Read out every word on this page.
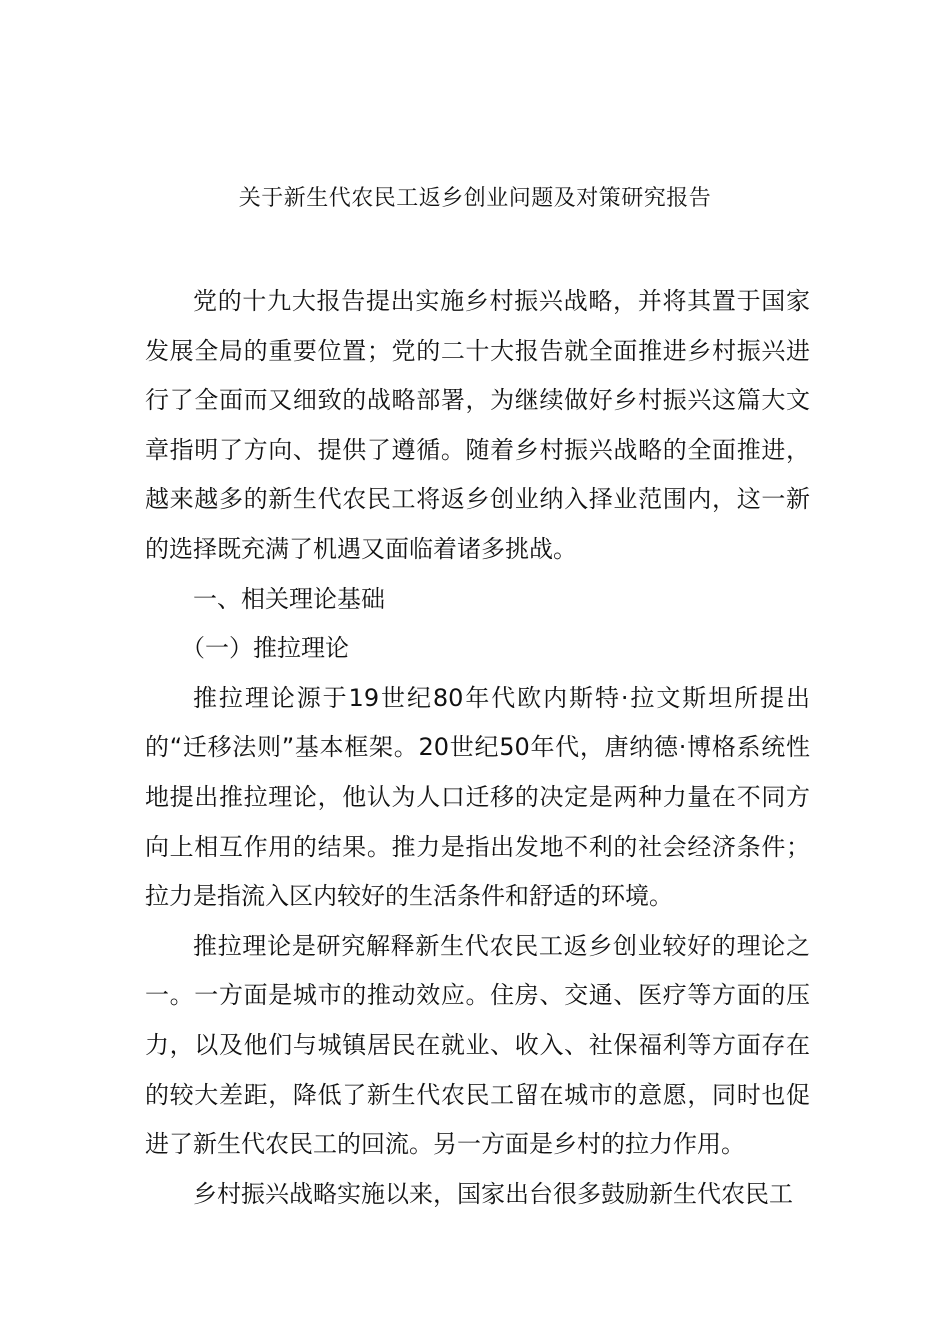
关于新生代农民工返乡创业问题及对策研究报告

党的十九大报告提出实施乡村振兴战略，并将其置于国家发展全局的重要位置；党的二十大报告就全面推进乡村振兴进行了全面而又细致的战略部署，为继续做好乡村振兴这篇大文章指明了方向、提供了遵循。随着乡村振兴战略的全面推进，越来越多的新生代农民工将返乡创业纳入择业范围内，这一新的选择既充满了机遇又面临着诸多挑战。

一、相关理论基础

（一）推拉理论

推拉理论源于19世纪80年代欧内斯特·拉文斯坦所提出的“迁移法则”基本框架。20世纪50年代，唐纳德·博格系统性地提出推拉理论，他认为人口迁移的决定是两种力量在不同方向上相互作用的结果。推力是指出发地不利的社会经济条件；拉力是指流入区内较好的生活条件和舒适的环境。

推拉理论是研究解释新生代农民工返乡创业较好的理论之一。一方面是城市的推动效应。住房、交通、医疗等方面的压力，以及他们与城镇居民在就业、收入、社保福利等方面存在的较大差距，降低了新生代农民工留在城市的意愿，同时也促进了新生代农民工的回流。另一方面是乡村的拉力作用。

乡村振兴战略实施以来，国家出台很多鼓励新生代农民工
